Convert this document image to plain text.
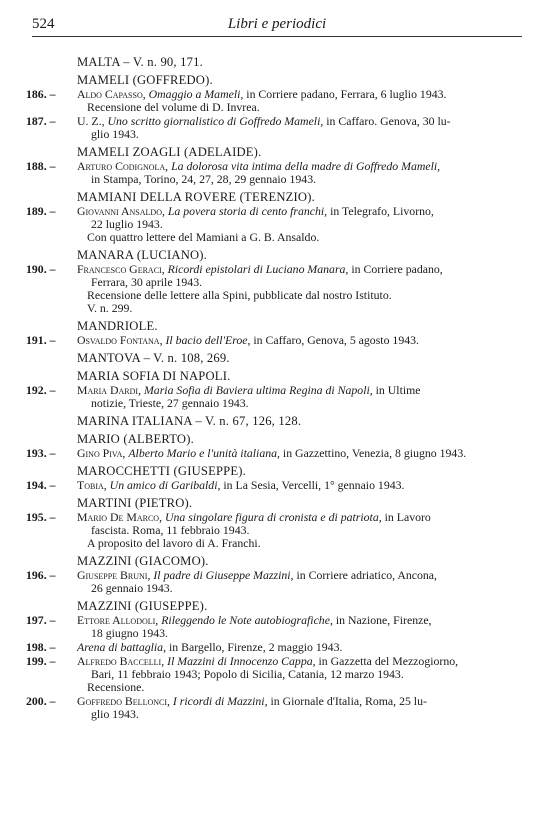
524	Libri e periodici
MALTA – V. n. 90, 171.
MAMELI (GOFFREDO).
186. –	Aldo Capasso, Omaggio a Mameli, in Corriere padano, Ferrara, 6 luglio 1943.
Recensione del volume di D. Invrea.
187. –	U. Z., Uno scritto giornalistico di Goffredo Mameli, in Caffaro. Genova, 30 lu-
glio 1943.
MAMELI ZOAGLI (ADELAIDE).
188. –	Arturo Codignola, La dolorosa vita intima della madre di Goffredo Mameli,
in Stampa, Torino, 24, 27, 28, 29 gennaio 1943.
MAMIANI DELLA ROVERE (TERENZIO).
189. –	Giovanni Ansaldo, La povera storia di cento franchi, in Telegrafo, Livorno,
22 luglio 1943.
Con quattro lettere del Mamiani a G. B. Ansaldo.
MANARA (LUCIANO).
190. –	Francesco Geraci, Ricordi epistolari di Luciano Manara, in Corriere padano,
Ferrara, 30 aprile 1943.
Recensione delle lettere alla Spini, pubblicate dal nostro Istituto.
V. n. 299.
MANDRIOLE.
191. –	Osvaldo Fontana, Il bacio dell'Eroe, in Caffaro, Genova, 5 agosto 1943.
MANTOVA – V. n. 108, 269.
MARIA SOFIA DI NAPOLI.
192. –	Maria Dardi, Maria Sofia di Baviera ultima Regina di Napoli, in Ultime
notizie, Trieste, 27 gennaio 1943.
MARINA ITALIANA – V. n. 67, 126, 128.
MARIO (ALBERTO).
193. –	Gino Piva, Alberto Mario e l'unità italiana, in Gazzettino, Venezia, 8 giugno 1943.
MAROCCHETTI (GIUSEPPE).
194. –	Tobia, Un amico di Garibaldi, in La Sesia, Vercelli, 1° gennaio 1943.
MARTINI (PIETRO).
195. –	Mario De Marco, Una singolare figura di cronista e di patriota, in Lavoro
fascista. Roma, 11 febbraio 1943.
A proposito del lavoro di A. Franchi.
MAZZINI (GIACOMO).
196. –	Giuseppe Bruni, Il padre di Giuseppe Mazzini, in Corriere adriatico, Ancona,
26 gennaio 1943.
MAZZINI (GIUSEPPE).
197. –	Ettore Allodoli, Rileggendo le Note autobiografiche, in Nazione, Firenze,
18 giugno 1943.
198. –	Arena di battaglia, in Bargello, Firenze, 2 maggio 1943.
199. –	Alfredo Baccelli, Il Mazzini di Innocenzo Cappa, in Gazzetta del Mezzogiorno,
Bari, 11 febbraio 1943; Popolo di Sicilia, Catania, 12 marzo 1943.
Recensione.
200. –	Goffredo Bellonci, I ricordi di Mazzini, in Giornale d'Italia, Roma, 25 lu-
glio 1943.
